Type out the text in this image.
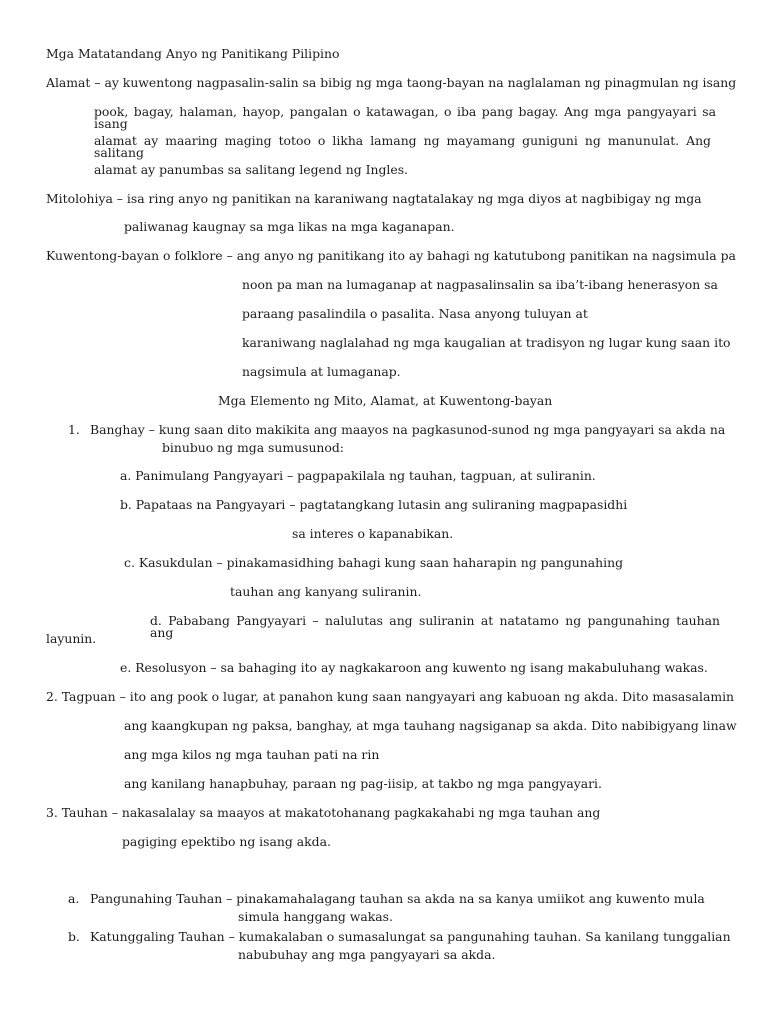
Mga Matatandang Anyo ng Panitikang Pilipino
Alamat – ay kuwentong nagpasalin-salin sa bibig ng mga taong-bayan na naglalaman ng pinagmulan ng isang
pook, bagay, halaman, hayop, pangalan o katawagan, o iba pang bagay. Ang mga pangyayari sa isang
alamat ay maaring maging totoo o likha lamang ng mayamang guniguni ng manunulat. Ang salitang
alamat ay panumbas sa salitang legend ng Ingles.
Mitolohiya – isa ring anyo ng panitikan na karaniwang nagtatalakay ng mga diyos at nagbibigay ng mga
paliwanag kaugnay sa mga likas na mga kaganapan.
Kuwentong-bayan o folklore – ang anyo ng panitikang ito ay bahagi ng katutubong panitikan na nagsimula pa
noon pa man na lumaganap at nagpasalinsalin sa iba’t-ibang henerasyon sa
paraang pasalindila o pasalita. Nasa anyong tuluyan at
karaniwang naglalahad ng mga kaugalian at tradisyon ng lugar kung saan ito
nagsimula at lumaganap.
Mga Elemento ng Mito, Alamat, at Kuwentong-bayan
1. Banghay – kung saan dito makikita ang maayos na pagkasunod-sunod ng mga pangyayari sa akda na
binubuo ng mga sumusunod:
a. Panimulang Pangyayari – pagpapakilala ng tauhan, tagpuan, at suliranin.
b. Papataas na Pangyayari – pagtatangkang lutasin ang suliraning magpapasidhi
sa interes o kapanabikan.
c. Kasukdulan – pinakamasidhing bahagi kung saan haharapin ng pangunahing
tauhan ang kanyang suliranin.
d. Pababang Pangyayari – nalulutas ang suliranin at natatamo ng pangunahing tauhan ang
layunin.
e. Resolusyon – sa bahaging ito ay nagkakaroon ang kuwento ng isang makabuluhang wakas.
2. Tagpuan – ito ang pook o lugar, at panahon kung saan nangyayari ang kabuoan ng akda. Dito masasalamin
ang kaangkupan ng paksa, banghay, at mga tauhang nagsiganap sa akda. Dito nabibigyang linaw
ang mga kilos ng mga tauhan pati na rin
ang kanilang hanapbuhay, paraan ng pag-iisip, at takbo ng mga pangyayari.
3. Tauhan – nakasalalay sa maayos at makatotohanang pagkakahabi ng mga tauhan ang
pagiging epektibo ng isang akda.
a. Pangunahing Tauhan – pinakamahalagang tauhan sa akda na sa kanya umiikot ang kuwento mula
simula hanggang wakas.
b. Katunggaling Tauhan – kumakalaban o sumasalungat sa pangunahing tauhan. Sa kanilang tunggalian
nabubuhay ang mga pangyayari sa akda.
